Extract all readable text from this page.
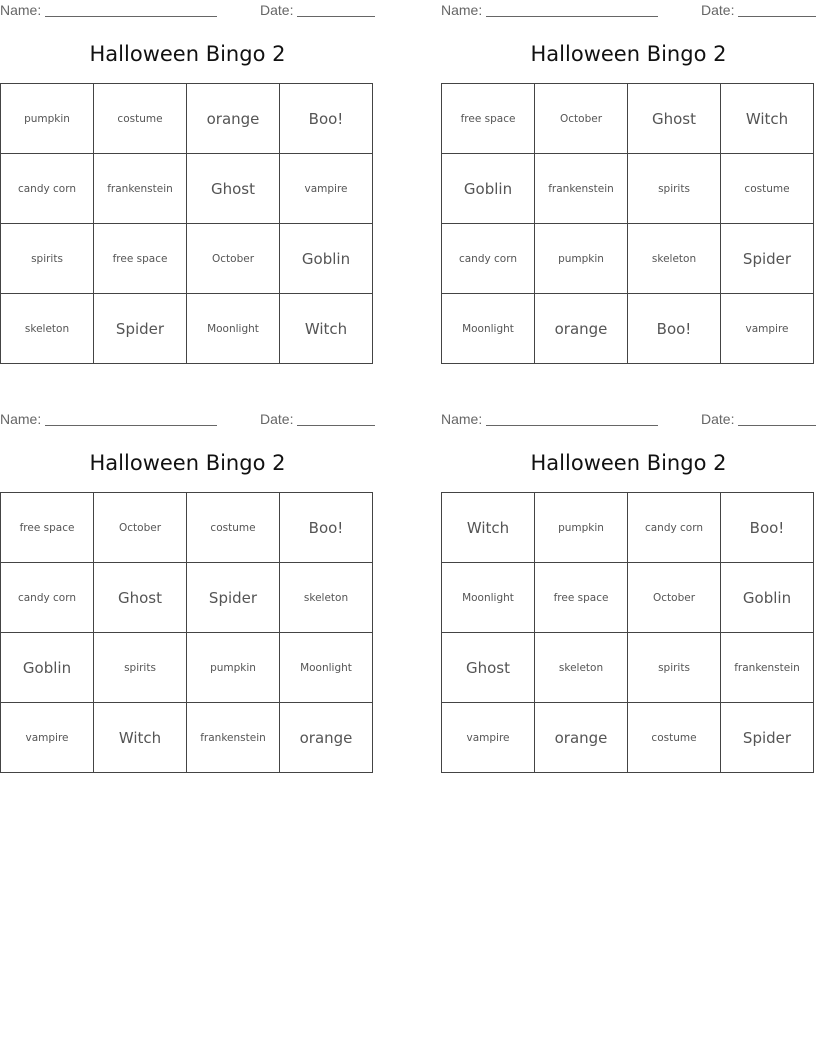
Name:	Date:
Halloween Bingo 2
pumpkin	costume	orange	Boo!
candy corn	frankenstein	Ghost	vampire
spirits	free space	October	Goblin
skeleton	Spider	Moonlight	Witch
Name:	Date:
Halloween Bingo 2
free space	October	Ghost	Witch
Goblin	frankenstein	spirits	costume
candy corn	pumpkin	skeleton	Spider
Moonlight	orange	Boo!	vampire
Name:	Date:
Halloween Bingo 2
free space	October	costume	Boo!
candy corn	Ghost	Spider	skeleton
Goblin	spirits	pumpkin	Moonlight
vampire	Witch	frankenstein	orange
Name:	Date:
Halloween Bingo 2
Witch	pumpkin	candy corn	Boo!
Moonlight	free space	October	Goblin
Ghost	skeleton	spirits	frankenstein
vampire	orange	costume	Spider
